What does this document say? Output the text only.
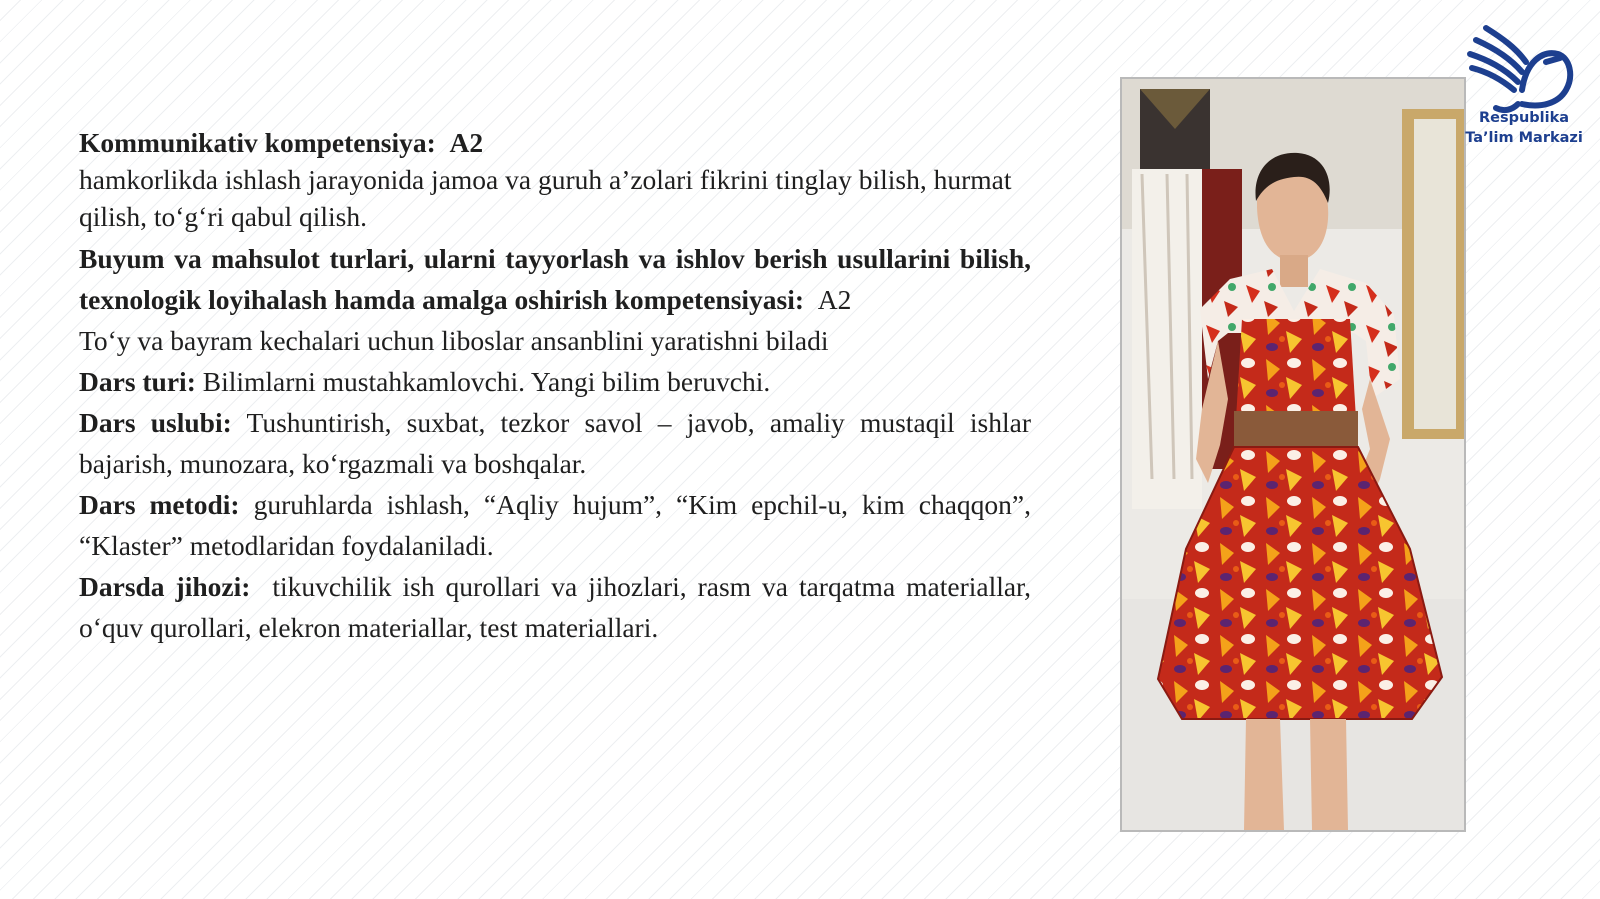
Kommunikativ kompetensiya: A2

hamkorlikda ishlash jarayonida jamoa va guruh a’zolari fikrini tinglay bilish, hurmat qilish, to‘g‘ri qabul qilish.

Buyum va mahsulot turlari, ularni tayyorlash va ishlov berish usullarini bilish, texnologik loyihalash hamda amalga oshirish kompetensiyasi: A2

To‘y va bayram kechalari uchun liboslar ansanblini yaratishni biladi

Dars turi: Bilimlarni mustahkamlovchi. Yangi bilim beruvchi.

Dars uslubi: Tushuntirish, suxbat, tezkor savol – javob, amaliy mustaqil ishlar bajarish, munozara, ko‘rgazmali va boshqalar.

Dars metodi: guruhlarda ishlash, “Aqliy hujum”, “Kim epchil-u, kim chaqqon”, “Klaster” metodlaridan foydalaniladi.

Darsda jihozi: tikuvchilik ish qurollari va jihozlari, rasm va tarqatma materiallar, o‘quv qurollari, elekron materiallar, test materiallari.

Respublika
Ta’lim Markazi
